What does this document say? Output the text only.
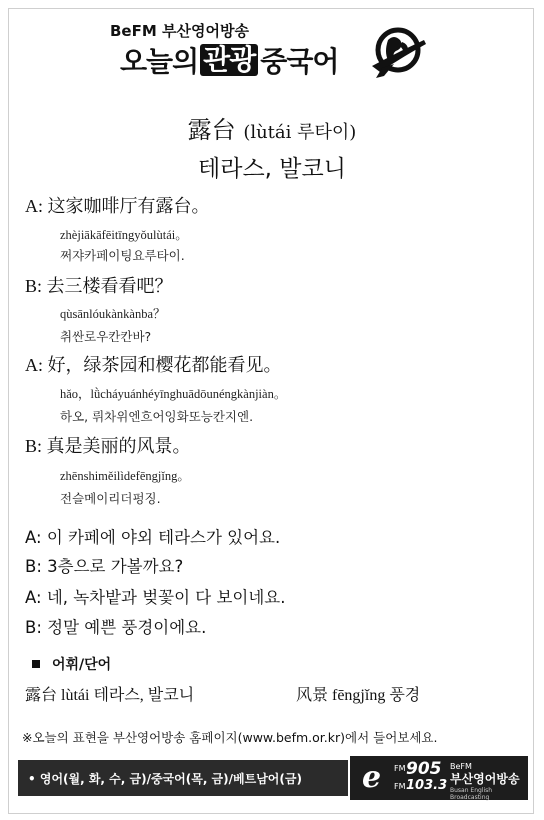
BeFM 부산영어방송
오늘의 관광 중국어
露台 (lùtái 루타이)
테라스, 발코니
A: 这家咖啡厅有露台。
zhèjiākāfēitīngyǒulùtái。
쩌쟈카페이팅요루타이.
B: 去三楼看看吧？
qùsānlóukànkànba？
취싼로우칸칸바?
A: 好，绿茶园和樱花都能看见。
hǎo，lǜcháyuánhéyīnghuādōunéngkànjiàn。
하오, 뤼차위엔흐어잉화또능칸지엔.
B: 真是美丽的风景。
zhēnshiměilìdefēngjǐng。
전슬메이리더펑징.
A: 이 카페에 야외 테라스가 있어요.
B: 3층으로 가볼까요?
A: 네, 녹차밭과 벚꽃이 다 보이네요.
B: 정말 예쁜 풍경이에요.
어휘/단어
露台 lùtái 테라스, 발코니	风景 fēngjǐng 풍경
※오늘의 표현을 부산영어방송 홈페이지(www.befm.or.kr)에서 들어보세요.
• 영어(월, 화, 수, 금)/중국어(목, 금)/베트남어(금) e FM
FM
905
103.3
BeFM
부산영어방송
Busan English Broadcasting
